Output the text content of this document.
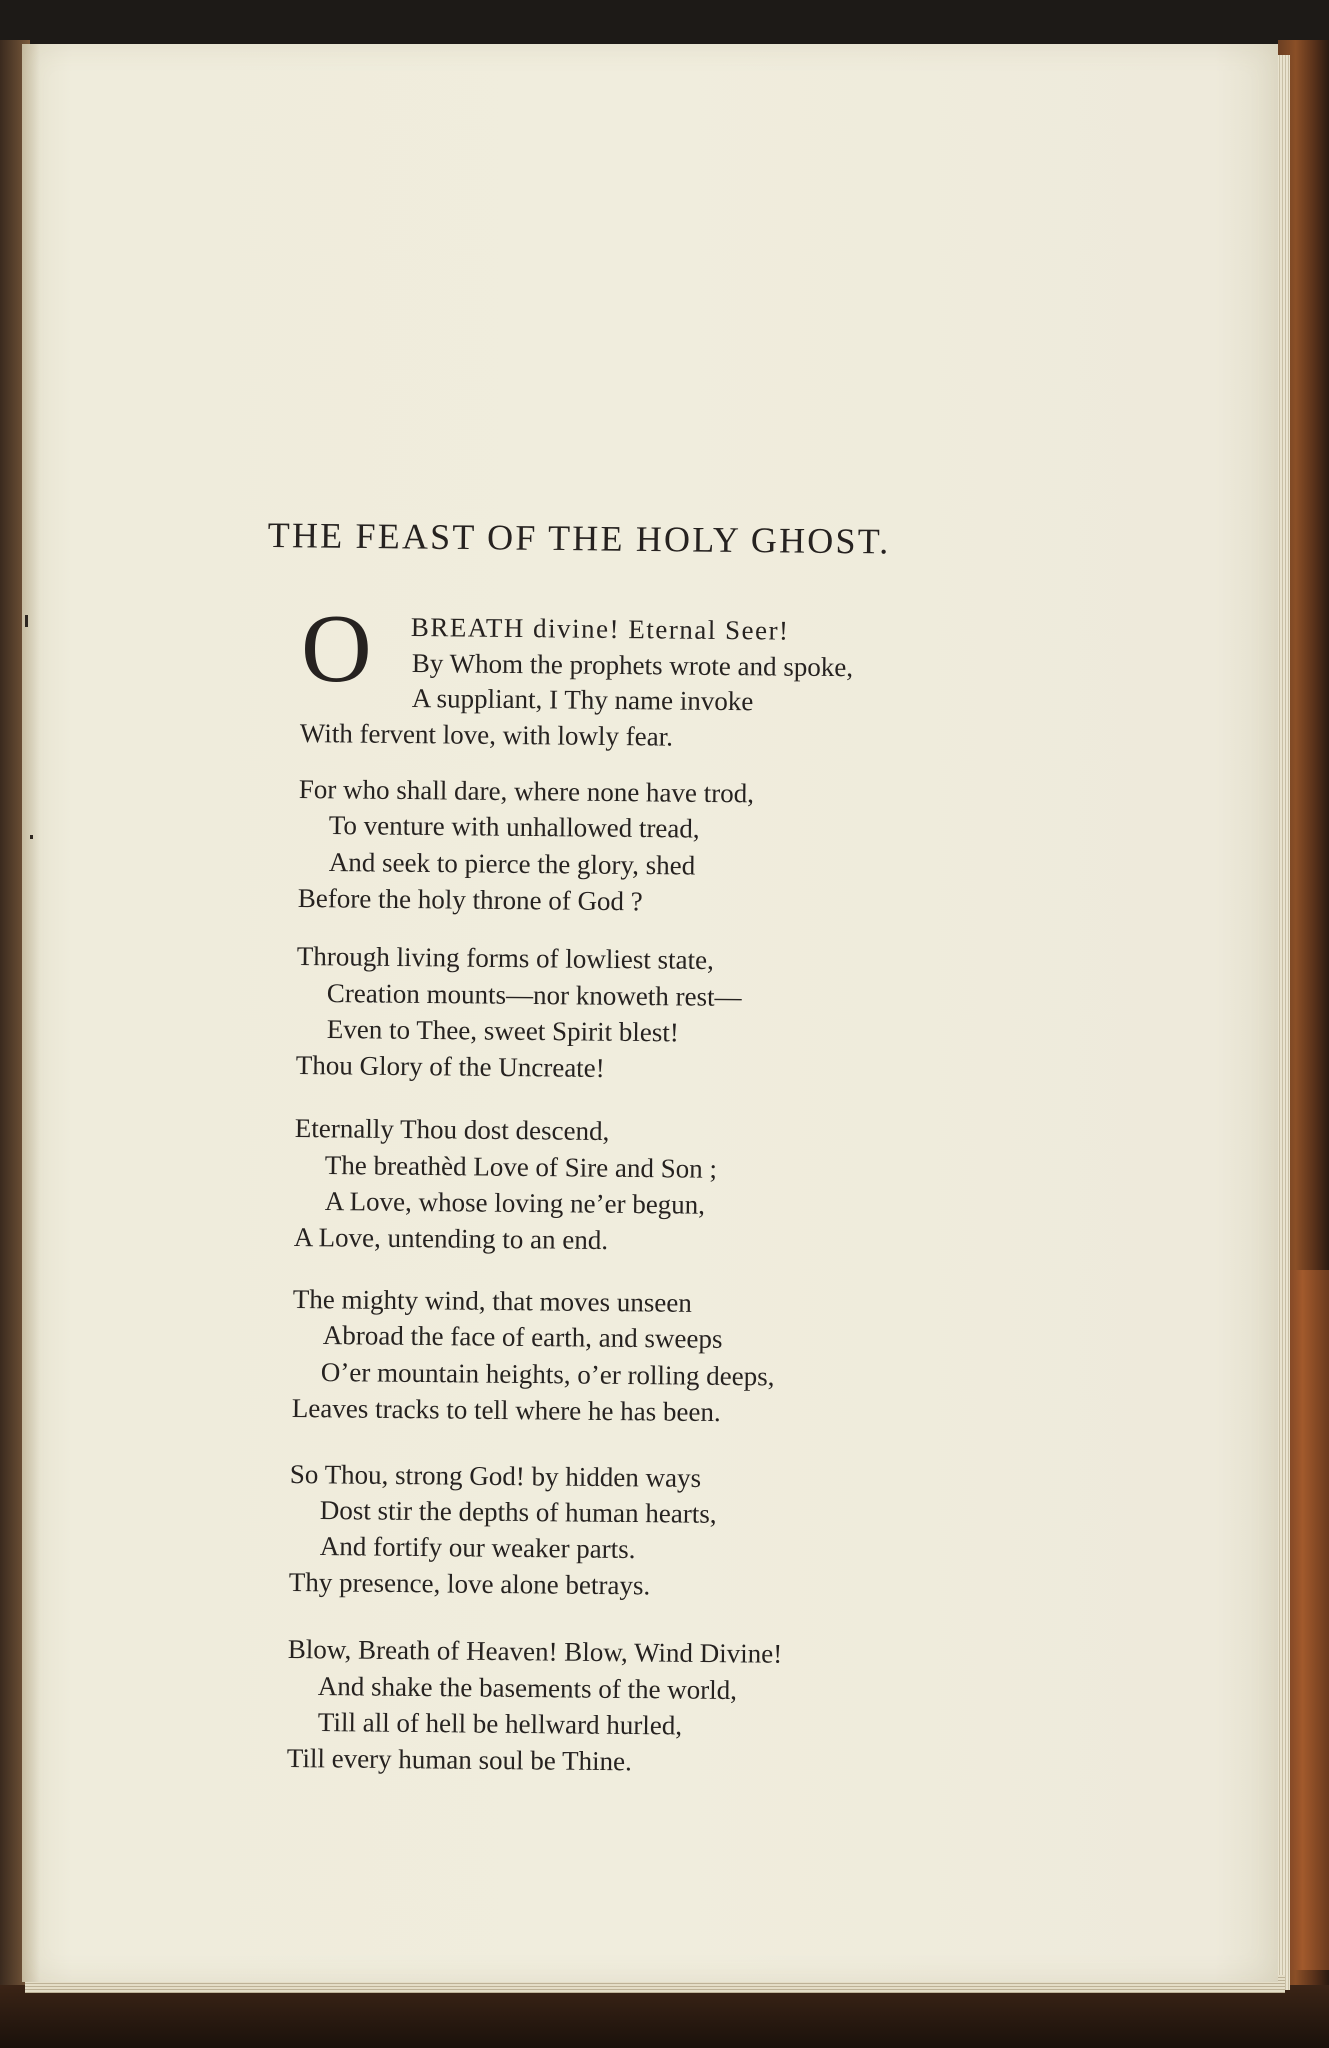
THE FEAST OF THE HOLY GHOST.
O BREATH divine! Eternal Seer!
By Whom the prophets wrote and spoke,
A suppliant, I Thy name invoke
With fervent love, with lowly fear.
For who shall dare, where none have trod,
To venture with unhallowed tread,
And seek to pierce the glory, shed
Before the holy throne of God ?
Through living forms of lowliest state,
Creation mounts—nor knoweth rest—
Even to Thee, sweet Spirit blest!
Thou Glory of the Uncreate!
Eternally Thou dost descend,
The breathèd Love of Sire and Son ;
A Love, whose loving ne’er begun,
A Love, untending to an end.
The mighty wind, that moves unseen
Abroad the face of earth, and sweeps
O’er mountain heights, o’er rolling deeps,
Leaves tracks to tell where he has been.
So Thou, strong God! by hidden ways
Dost stir the depths of human hearts,
And fortify our weaker parts.
Thy presence, love alone betrays.
Blow, Breath of Heaven! Blow, Wind Divine!
And shake the basements of the world,
Till all of hell be hellward hurled,
Till every human soul be Thine.
